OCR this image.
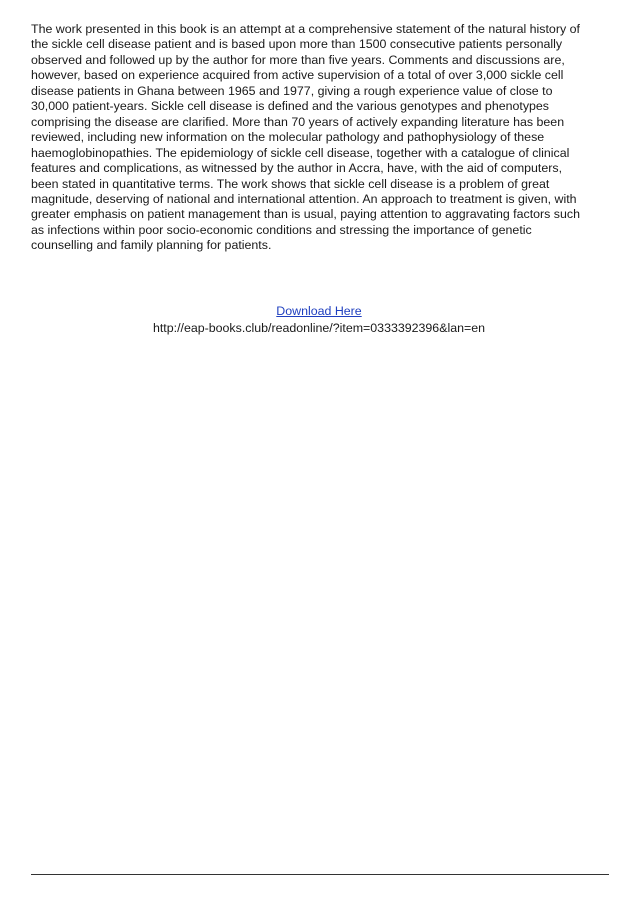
The work presented in this book is an attempt at a comprehensive statement of the natural history of
the sickle cell disease patient and is based upon more than 1500 consecutive patients personally
observed and followed up by the author for more than five years. Comments and discussions are,
however, based on experience acquired from active supervision of a total of over 3,000 sickle cell
disease patients in Ghana between 1965 and 1977, giving a rough experience value of close to
30,000 patient-years. Sickle cell disease is defined and the various genotypes and phenotypes
comprising the disease are clarified. More than 70 years of actively expanding literature has been
reviewed, including new information on the molecular pathology and pathophysiology of these
haemoglobinopathies. The epidemiology of sickle cell disease, together with a catalogue of clinical
features and complications, as witnessed by the author in Accra, have, with the aid of computers,
been stated in quantitative terms. The work shows that sickle cell disease is a problem of great
magnitude, deserving of national and international attention. An approach to treatment is given, with
greater emphasis on patient management than is usual, paying attention to aggravating factors such
as infections within poor socio-economic conditions and stressing the importance of genetic
counselling and family planning for patients.

Download Here
http://eap-books.club/readonline/?item=0333392396&lan=en
